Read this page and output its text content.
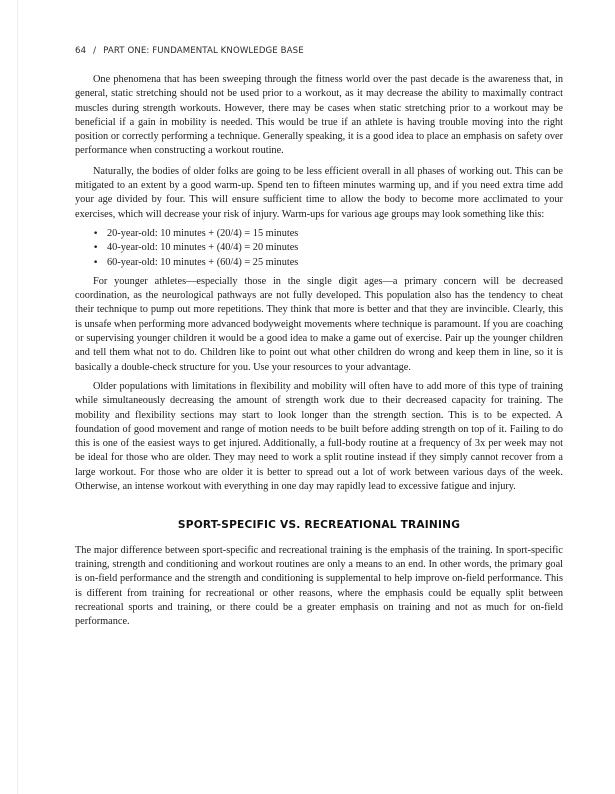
64 / PART ONE: FUNDAMENTAL KNOWLEDGE BASE

One phenomena that has been sweeping through the fitness world over the past decade is the awareness that, in general, static stretching should not be used prior to a workout, as it may decrease the ability to maximally contract muscles during strength workouts. However, there may be cases when static stretching prior to a workout may be beneficial if a gain in mobility is needed. This would be true if an athlete is having trouble moving into the right position or correctly performing a technique. Generally speaking, it is a good idea to place an emphasis on safety over performance when constructing a workout routine.

Naturally, the bodies of older folks are going to be less efficient overall in all phases of working out. This can be mitigated to an extent by a good warm-up. Spend ten to fifteen minutes warming up, and if you need extra time add your age divided by four. This will ensure sufficient time to allow the body to become more acclimated to your exercises, which will decrease your risk of injury. Warm-ups for various age groups may look something like this:

• 20-year-old: 10 minutes + (20/4) = 15 minutes
• 40-year-old: 10 minutes + (40/4) = 20 minutes
• 60-year-old: 10 minutes + (60/4) = 25 minutes

For younger athletes—especially those in the single digit ages—a primary concern will be decreased coordination, as the neurological pathways are not fully developed. This population also has the tendency to cheat their technique to pump out more repetitions. They think that more is better and that they are invincible. Clearly, this is unsafe when performing more advanced bodyweight movements where technique is paramount. If you are coaching or supervising younger children it would be a good idea to make a game out of exercise. Pair up the younger children and tell them what not to do. Children like to point out what other children do wrong and keep them in line, so it is basically a double-check structure for you. Use your resources to your advantage.

Older populations with limitations in flexibility and mobility will often have to add more of this type of training while simultaneously decreasing the amount of strength work due to their decreased capacity for training. The mobility and flexibility sections may start to look longer than the strength section. This is to be expected. A foundation of good movement and range of motion needs to be built before adding strength on top of it. Failing to do this is one of the easiest ways to get injured. Additionally, a full-body routine at a frequency of 3x per week may not be ideal for those who are older. They may need to work a split routine instead if they simply cannot recover from a large workout. For those who are older it is better to spread out a lot of work between various days of the week. Otherwise, an intense workout with everything in one day may rapidly lead to excessive fatigue and injury.

SPORT-SPECIFIC VS. RECREATIONAL TRAINING

The major difference between sport-specific and recreational training is the emphasis of the training. In sport-specific training, strength and conditioning and workout routines are only a means to an end. In other words, the primary goal is on-field performance and the strength and conditioning is supplemental to help improve on-field performance. This is different from training for recreational or other reasons, where the emphasis could be equally split between recreational sports and training, or there could be a greater emphasis on training and not as much for on-field performance.
